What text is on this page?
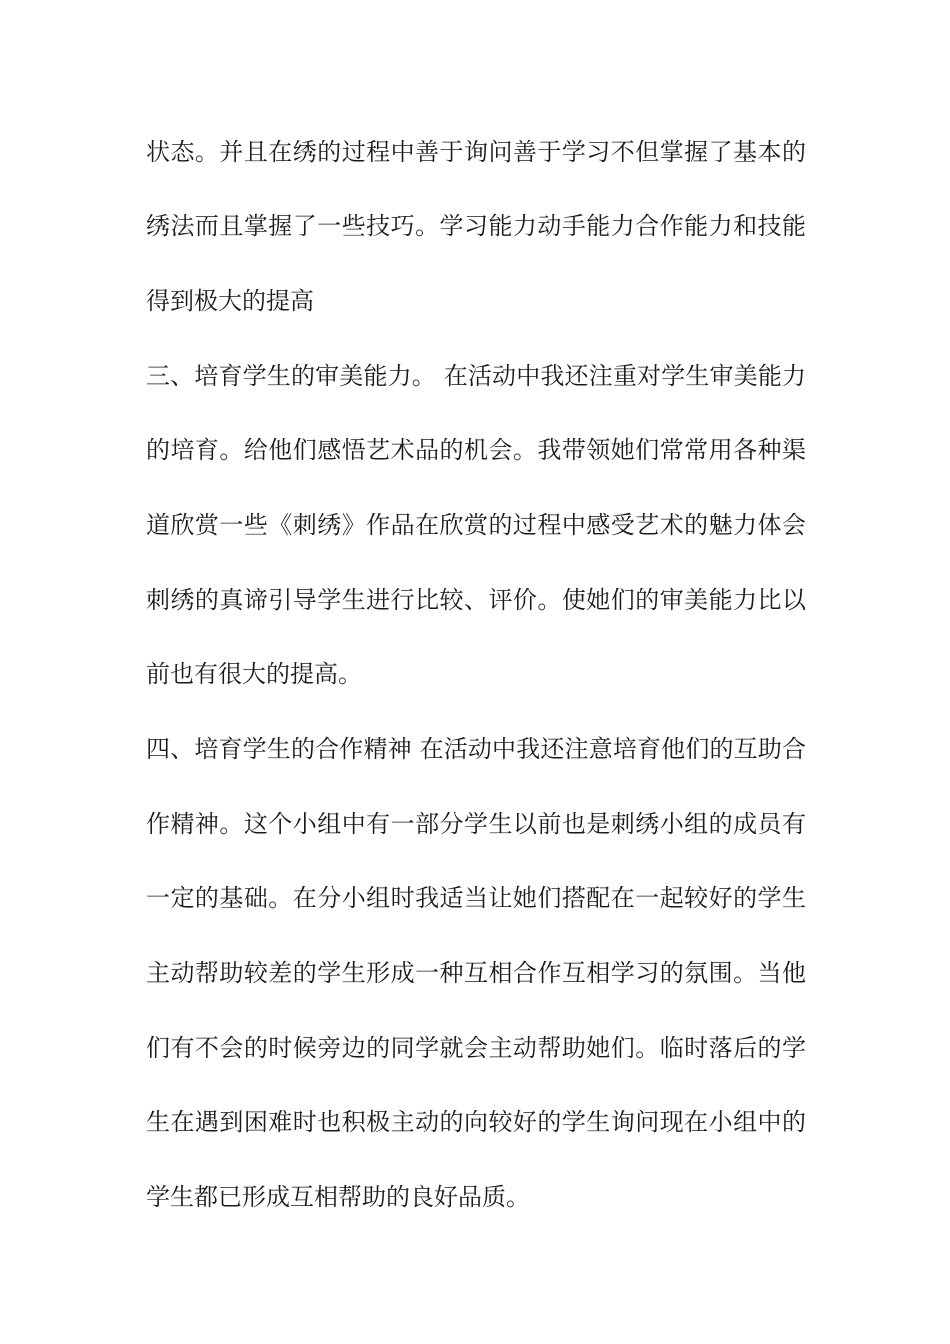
状态。并且在绣的过程中善于询问善于学习不但掌握了基本的
绣法而且掌握了一些技巧。学习能力动手能力合作能力和技能
得到极大的提高
三、培育学生的审美能力。 在活动中我还注重对学生审美能力
的培育。给他们感悟艺术品的机会。我带领她们常常用各种渠
道欣赏一些《刺绣》作品在欣赏的过程中感受艺术的魅力体会
刺绣的真谛引导学生进行比较、评价。使她们的审美能力比以
前也有很大的提高。
四、培育学生的合作精神 在活动中我还注意培育他们的互助合
作精神。这个小组中有一部分学生以前也是刺绣小组的成员有
一定的基础。在分小组时我适当让她们搭配在一起较好的学生
主动帮助较差的学生形成一种互相合作互相学习的氛围。当他
们有不会的时候旁边的同学就会主动帮助她们。临时落后的学
生在遇到困难时也积极主动的向较好的学生询问现在小组中的
学生都已形成互相帮助的良好品质。
